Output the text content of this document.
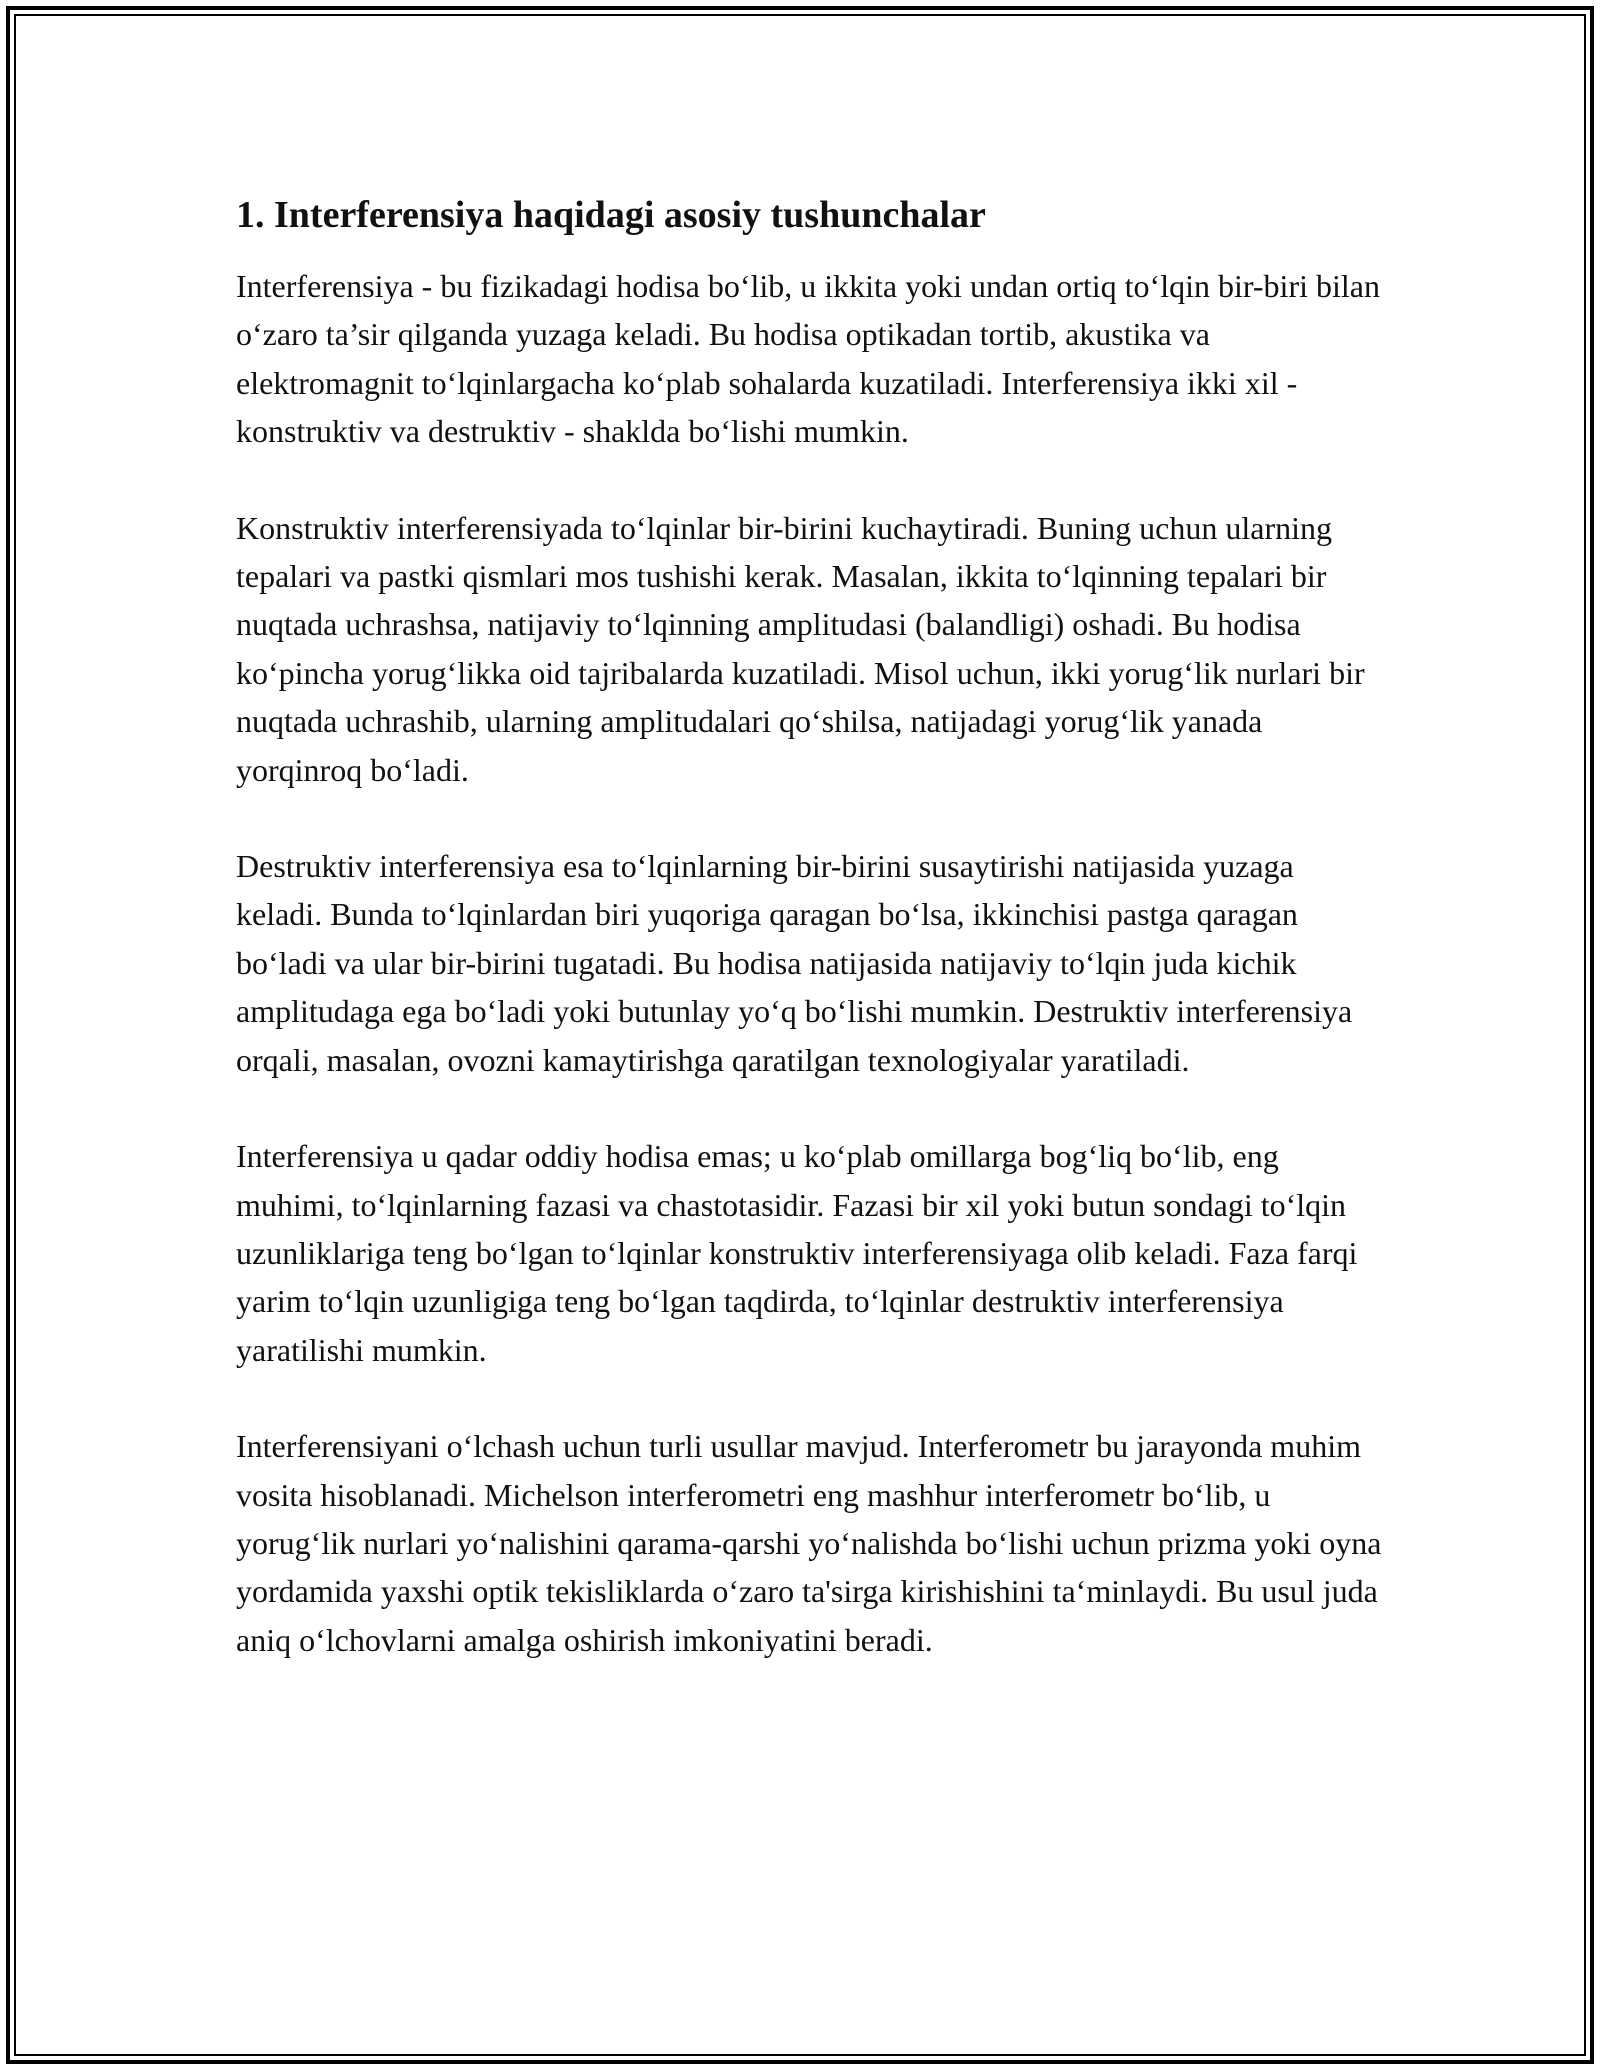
1. Interferensiya haqidagi asosiy tushunchalar

Interferensiya - bu fizikadagi hodisa bo‘lib, u ikkita yoki undan ortiq to‘lqin bir-biri bilan o‘zaro ta’sir qilganda yuzaga keladi. Bu hodisa optikadan tortib, akustika va elektromagnit to‘lqinlargacha ko‘plab sohalarda kuzatiladi. Interferensiya ikki xil - konstruktiv va destruktiv - shaklda bo‘lishi mumkin.

Konstruktiv interferensiyada to‘lqinlar bir-birini kuchaytiradi. Buning uchun ularning tepalari va pastki qismlari mos tushishi kerak. Masalan, ikkita to‘lqinning tepalari bir nuqtada uchrashsa, natijaviy to‘lqinning amplitudasi (balandligi) oshadi. Bu hodisa ko‘pincha yorug‘likka oid tajribalarda kuzatiladi. Misol uchun, ikki yorug‘lik nurlari bir nuqtada uchrashib, ularning amplitudalari qo‘shilsa, natijadagi yorug‘lik yanada yorqinroq bo‘ladi.

Destruktiv interferensiya esa to‘lqinlarning bir-birini susaytirishi natijasida yuzaga keladi. Bunda to‘lqinlardan biri yuqoriga qaragan bo‘lsa, ikkinchisi pastga qaragan bo‘ladi va ular bir-birini tugatadi. Bu hodisa natijasida natijaviy to‘lqin juda kichik amplitudaga ega bo‘ladi yoki butunlay yo‘q bo‘lishi mumkin. Destruktiv interferensiya orqali, masalan, ovozni kamaytirishga qaratilgan texnologiyalar yaratiladi.

Interferensiya u qadar oddiy hodisa emas; u ko‘plab omillarga bog‘liq bo‘lib, eng muhimi, to‘lqinlarning fazasi va chastotasidir. Fazasi bir xil yoki butun sondagi to‘lqin uzunliklariga teng bo‘lgan to‘lqinlar konstruktiv interferensiyaga olib keladi. Faza farqi yarim to‘lqin uzunligiga teng bo‘lgan taqdirda, to‘lqinlar destruktiv interferensiya yaratilishi mumkin.

Interferensiyani o‘lchash uchun turli usullar mavjud. Interferometr bu jarayonda muhim vosita hisoblanadi. Michelson interferometri eng mashhur interferometr bo‘lib, u yorug‘lik nurlari yo‘nalishini qarama-qarshi yo‘nalishda bo‘lishi uchun prizma yoki oyna yordamida yaxshi optik tekisliklarda o‘zaro ta'sirga kirishishini ta‘minlaydi. Bu usul juda aniq o‘lchovlarni amalga oshirish imkoniyatini beradi.
